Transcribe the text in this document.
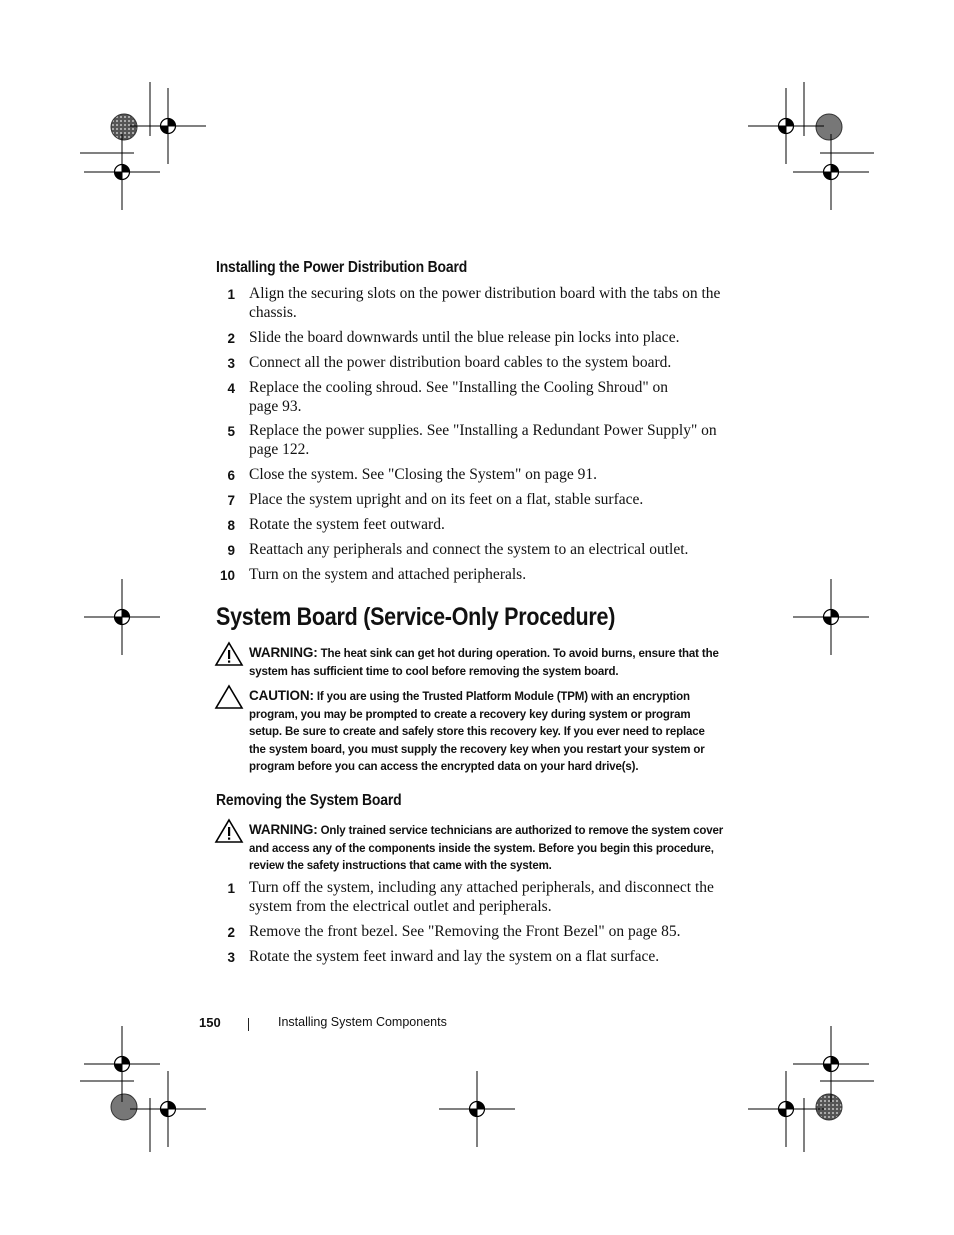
Installing the Power Distribution Board
1 Align the securing slots on the power distribution board with the tabs on the chassis.
2 Slide the board downwards until the blue release pin locks into place.
3 Connect all the power distribution board cables to the system board.
4 Replace the cooling shroud. See "Installing the Cooling Shroud" on page 93.
5 Replace the power supplies. See "Installing a Redundant Power Supply" on page 122.
6 Close the system. See "Closing the System" on page 91.
7 Place the system upright and on its feet on a flat, stable surface.
8 Rotate the system feet outward.
9 Reattach any peripherals and connect the system to an electrical outlet.
10 Turn on the system and attached peripherals.
System Board (Service-Only Procedure)
WARNING: The heat sink can get hot during operation. To avoid burns, ensure that the system has sufficient time to cool before removing the system board.
CAUTION: If you are using the Trusted Platform Module (TPM) with an encryption program, you may be prompted to create a recovery key during system or program setup. Be sure to create and safely store this recovery key. If you ever need to replace the system board, you must supply the recovery key when you restart your system or program before you can access the encrypted data on your hard drive(s).
Removing the System Board
WARNING: Only trained service technicians are authorized to remove the system cover and access any of the components inside the system. Before you begin this procedure, review the safety instructions that came with the system.
1 Turn off the system, including any attached peripherals, and disconnect the system from the electrical outlet and peripherals.
2 Remove the front bezel. See "Removing the Front Bezel" on page 85.
3 Rotate the system feet inward and lay the system on a flat surface.
150	Installing System Components
